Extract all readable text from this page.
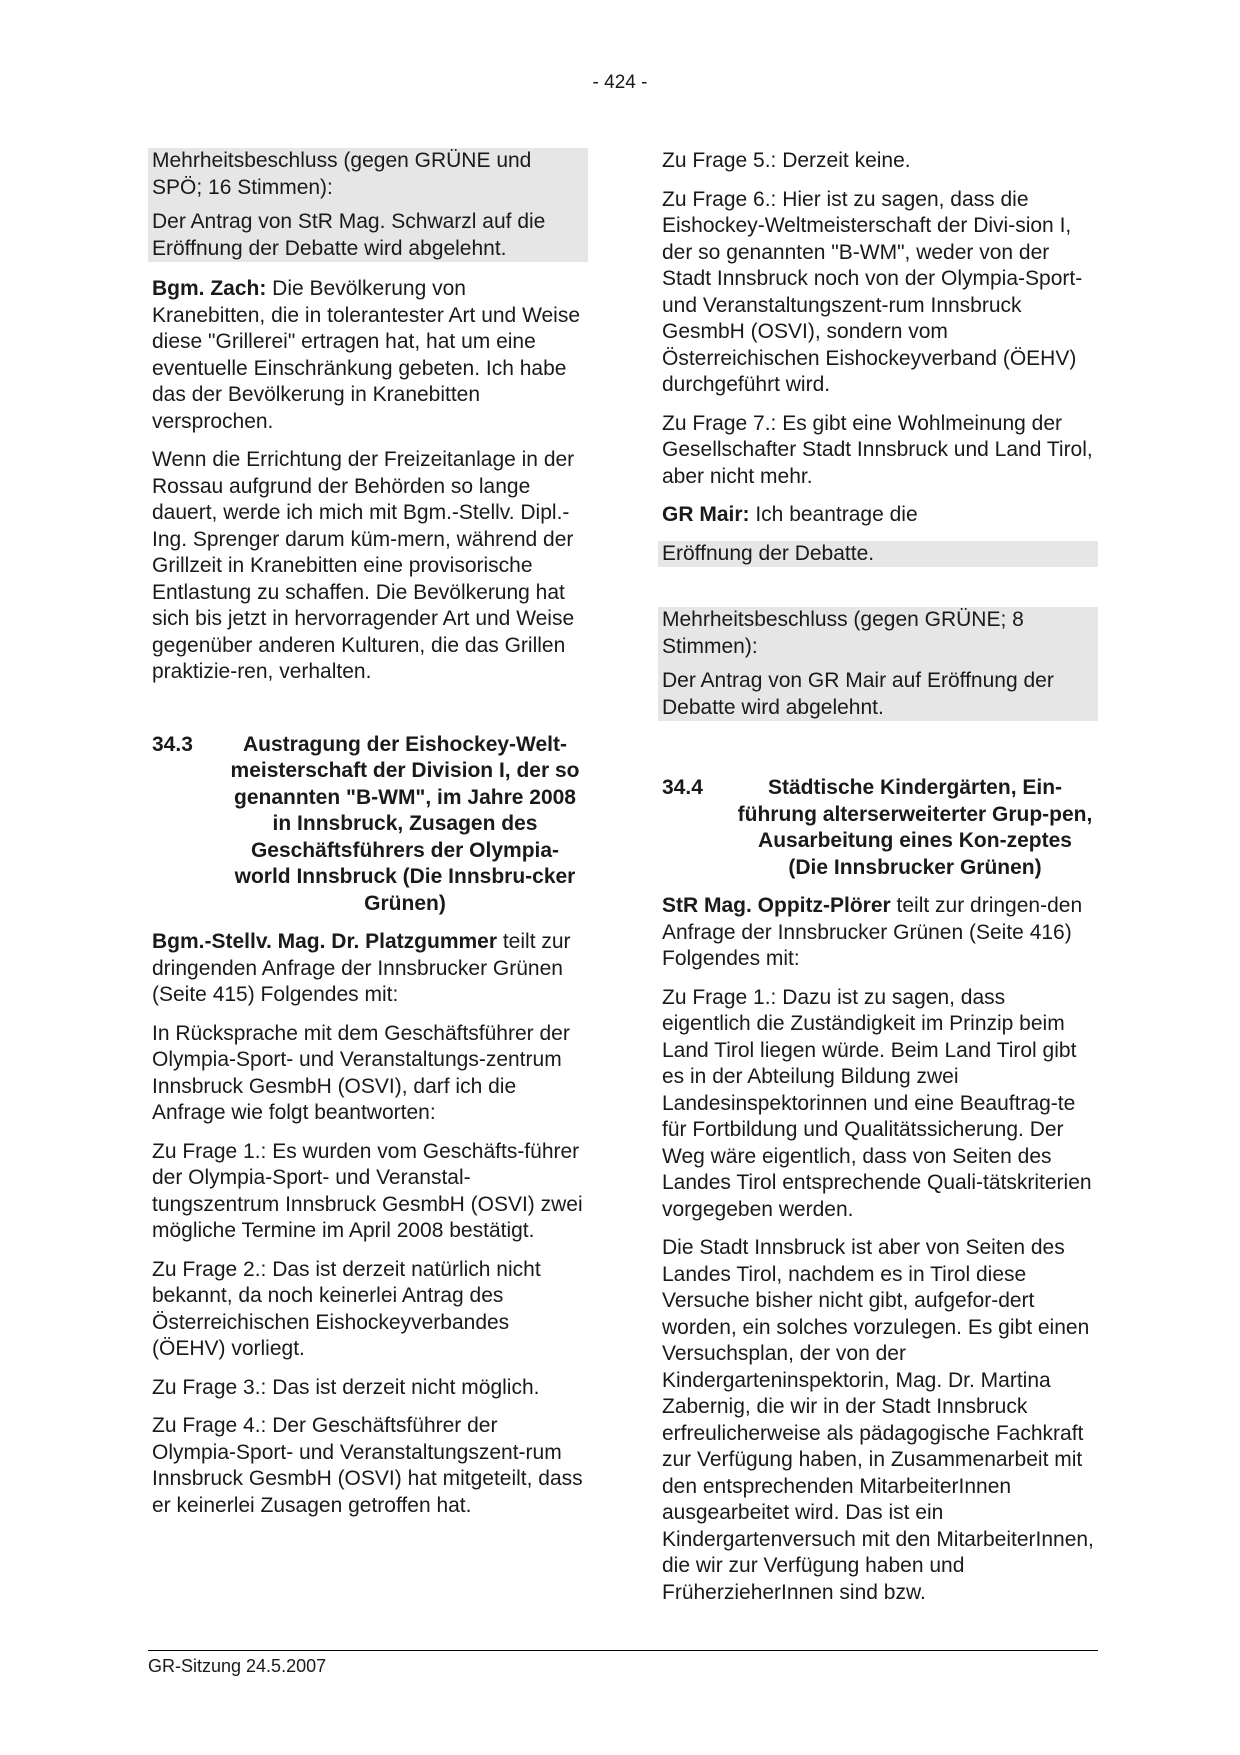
- 424 -

Mehrheitsbeschluss (gegen GRÜNE und SPÖ; 16 Stimmen):

Der Antrag von StR Mag. Schwarzl auf die Eröffnung der Debatte wird abgelehnt.

Bgm. Zach: Die Bevölkerung von Kranebitten, die in tolerantester Art und Weise diese "Grillerei" ertragen hat, hat um eine eventuelle Einschränkung gebeten. Ich habe das der Bevölkerung in Kranebitten versprochen.

Wenn die Errichtung der Freizeitanlage in der Rossau aufgrund der Behörden so lange dauert, werde ich mich mit Bgm.-Stellv. Dipl.-Ing. Sprenger darum küm-mern, während der Grillzeit in Kranebitten eine provisorische Entlastung zu schaffen. Die Bevölkerung hat sich bis jetzt in hervorragender Art und Weise gegenüber anderen Kulturen, die das Grillen praktizie-ren, verhalten.

34.3	Austragung der Eishockey-Welt-meisterschaft der Division I, der so genannten "B-WM", im Jahre 2008 in Innsbruck, Zusagen des Geschäftsführers der Olympia-world Innsbruck (Die Innsbru-cker Grünen)

Bgm.-Stellv. Mag. Dr. Platzgummer teilt zur dringenden Anfrage der Innsbrucker Grünen (Seite 415) Folgendes mit:

In Rücksprache mit dem Geschäftsführer der Olympia-Sport- und Veranstaltungs-zentrum Innsbruck GesmbH (OSVI), darf ich die Anfrage wie folgt beantworten:

Zu Frage 1.: Es wurden vom Geschäfts-führer der Olympia-Sport- und Veranstal-tungszentrum Innsbruck GesmbH (OSVI) zwei mögliche Termine im April 2008 bestätigt.

Zu Frage 2.: Das ist derzeit natürlich nicht bekannt, da noch keinerlei Antrag des Österreichischen Eishockeyverbandes (ÖEHV) vorliegt.

Zu Frage 3.: Das ist derzeit nicht möglich.

Zu Frage 4.: Der Geschäftsführer der Olympia-Sport- und Veranstaltungszent-rum Innsbruck GesmbH (OSVI) hat mitgeteilt, dass er keinerlei Zusagen getroffen hat.

Zu Frage 5.: Derzeit keine.

Zu Frage 6.: Hier ist zu sagen, dass die Eishockey-Weltmeisterschaft der Divi-sion I, der so genannten "B-WM", weder von der Stadt Innsbruck noch von der Olympia-Sport- und Veranstaltungszent-rum Innsbruck GesmbH (OSVI), sondern vom Österreichischen Eishockeyverband (ÖEHV) durchgeführt wird.

Zu Frage 7.: Es gibt eine Wohlmeinung der Gesellschafter Stadt Innsbruck und Land Tirol, aber nicht mehr.

GR Mair: Ich beantrage die

Eröffnung der Debatte.

Mehrheitsbeschluss (gegen GRÜNE; 8 Stimmen):

Der Antrag von GR Mair auf Eröffnung der Debatte wird abgelehnt.

34.4	Städtische Kindergärten, Ein-führung alterserweiterter Grup-pen, Ausarbeitung eines Kon-zeptes (Die Innsbrucker Grünen)

StR Mag. Oppitz-Plörer teilt zur dringen-den Anfrage der Innsbrucker Grünen (Seite 416) Folgendes mit:

Zu Frage 1.: Dazu ist zu sagen, dass eigentlich die Zuständigkeit im Prinzip beim Land Tirol liegen würde. Beim Land Tirol gibt es in der Abteilung Bildung zwei Landesinspektorinnen und eine Beauftrag-te für Fortbildung und Qualitätssicherung. Der Weg wäre eigentlich, dass von Seiten des Landes Tirol entsprechende Quali-tätskriterien vorgegeben werden.

Die Stadt Innsbruck ist aber von Seiten des Landes Tirol, nachdem es in Tirol diese Versuche bisher nicht gibt, aufgefor-dert worden, ein solches vorzulegen. Es gibt einen Versuchsplan, der von der Kindergarteninspektorin, Mag. Dr. Martina Zabernig, die wir in der Stadt Innsbruck erfreulicherweise als pädagogische Fachkraft zur Verfügung haben, in Zusammenarbeit mit den entsprechenden MitarbeiterInnen ausgearbeitet wird. Das ist ein Kindergartenversuch mit den MitarbeiterInnen, die wir zur Verfügung haben und FrüherzieherInnen sind bzw.

GR-Sitzung 24.5.2007
